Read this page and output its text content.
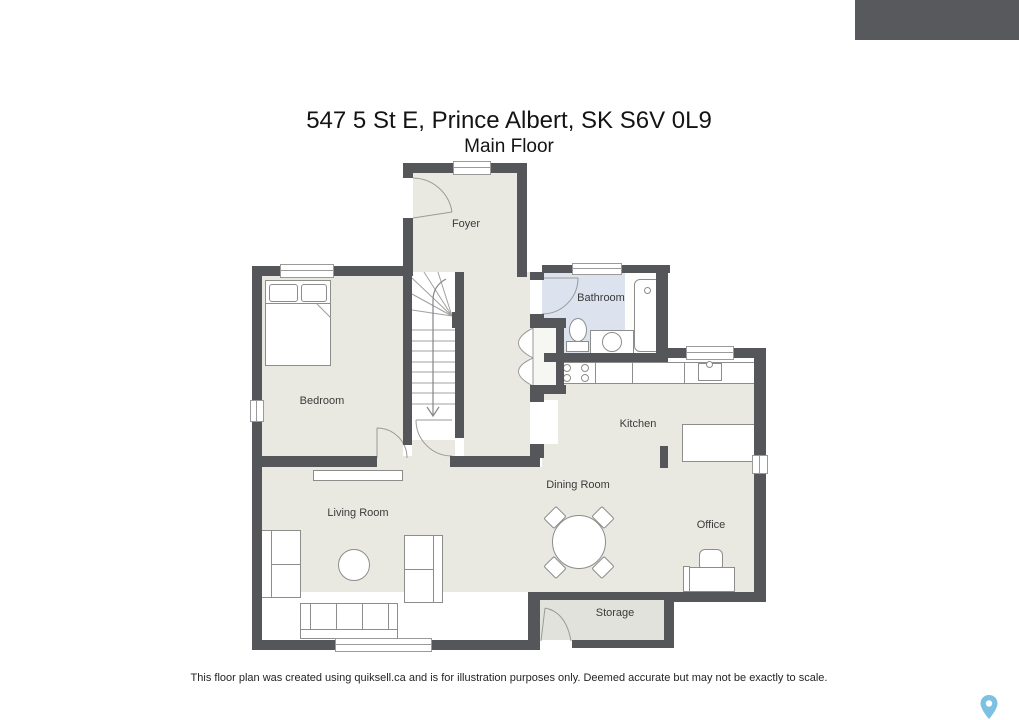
547 5 St E, Prince Albert, SK S6V 0L9
Main Floor
Foyer
Bathroom
Bedroom
Kitchen
Dining Room
Living Room
Office
Storage
This floor plan was created using quiksell.ca and is for illustration purposes only. Deemed accurate but may not be exactly to scale.
